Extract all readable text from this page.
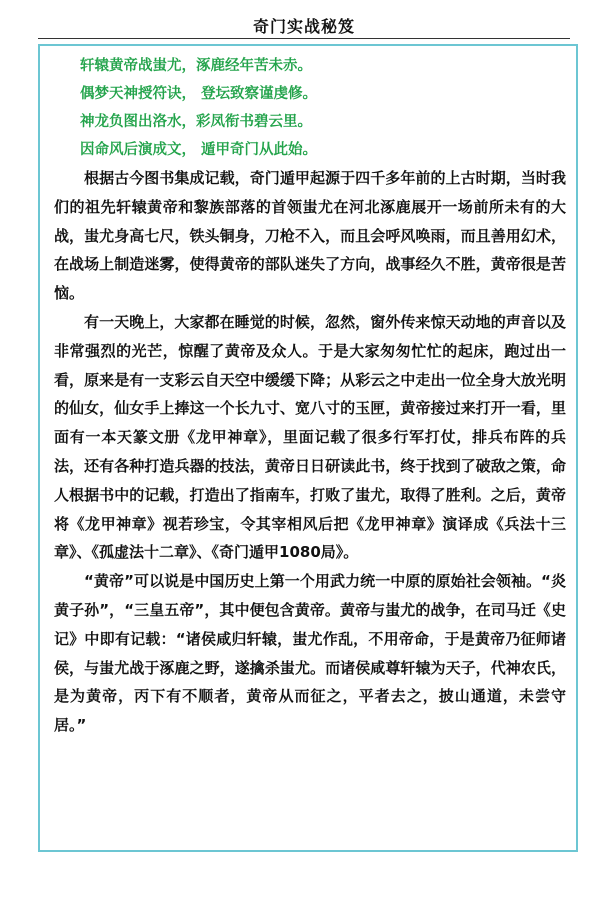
奇门实战秘笈
轩辕黄帝战蚩尤，涿鹿经年苦未赤。
偶梦天神授符诀， 登坛致察谨虔修。
神龙负图出洛水，彩凤衔书碧云里。
因命风后演成文， 遁甲奇门从此始。

根据古今图书集成记载，奇门遁甲起源于四千多年前的上古时期，当时我们的祖先轩辕黄帝和黎族部落的首领蚩尤在河北涿鹿展开一场前所未有的大战，蚩尤身高七尺，铁头铜身，刀枪不入，而且会呼风唤雨，而且善用幻术，在战场上制造迷雾，使得黄帝的部队迷失了方向，战事经久不胜，黄帝很是苦恼。

有一天晚上，大家都在睡觉的时候，忽然，窗外传来惊天动地的声音以及非常强烈的光芒，惊醒了黄帝及众人。于是大家匆匆忙忙的起床，跑过出一看，原来是有一支彩云自天空中缓缓下降；从彩云之中走出一位全身大放光明的仙女，仙女手上捧这一个长九寸、宽八寸的玉匣，黄帝接过来打开一看，里面有一本天篆文册《龙甲神章》，里面记载了很多行军打仗，排兵布阵的兵法，还有各种打造兵器的技法，黄帝日日研读此书，终于找到了破敌之策，命人根据书中的记载，打造出了指南车，打败了蚩尤，取得了胜利。之后，黄帝将《龙甲神章》视若珍宝，令其宰相风后把《龙甲神章》演译成《兵法十三章》、《孤虚法十二章》、《奇门遁甲1080局》。

“黄帝”可以说是中国历史上第一个用武力统一中原的原始社会领袖。“炎黄子孙”，“三皇五帝”，其中便包含黄帝。黄帝与蚩尤的战争，在司马迁《史记》中即有记载：“诸侯咸归轩辕，蚩尤作乱，不用帝命，于是黄帝乃征师诸侯，与蚩尤战于涿鹿之野，遂擒杀蚩尤。而诸侯咸尊轩辕为天子，代神农氏，是为黄帝，丙下有不顺者，黄帝从而征之，平者去之，披山通道，未尝守居。”
